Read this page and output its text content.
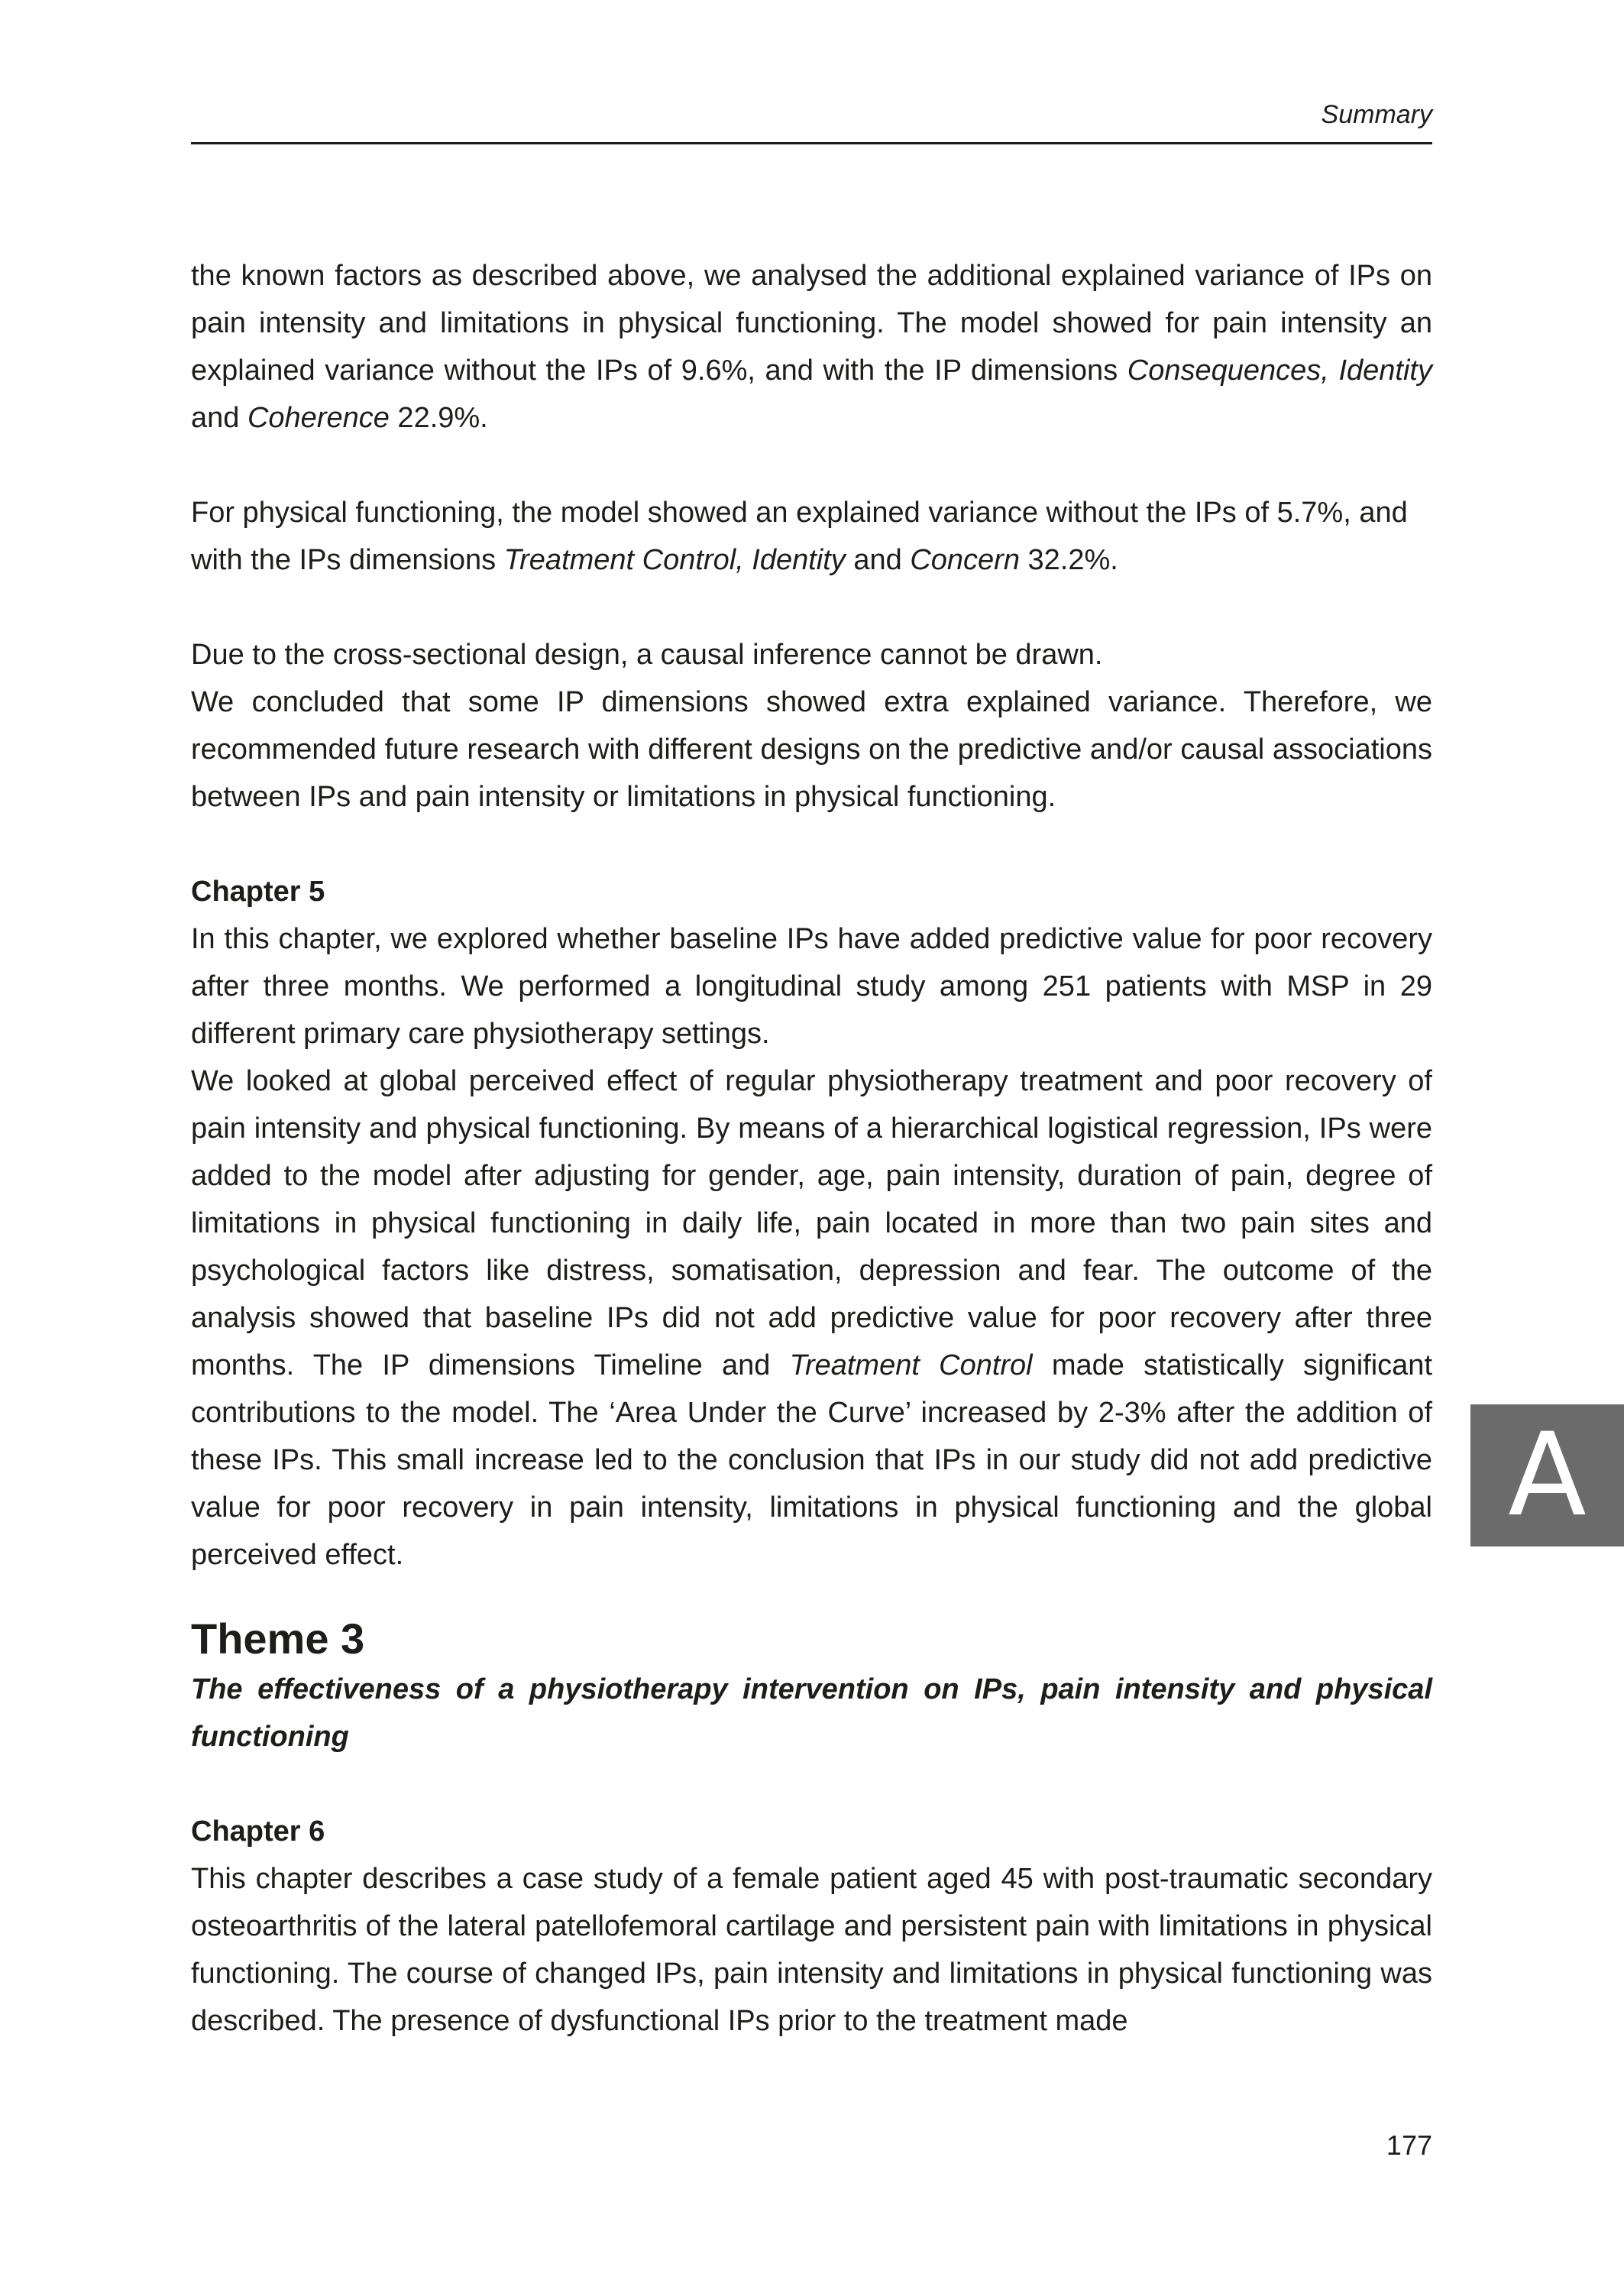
Summary

the known factors as described above, we analysed the additional explained variance of IPs on pain intensity and limitations in physical functioning. The model showed for pain intensity an explained variance without the IPs of 9.6%, and with the IP dimensions Consequences, Identity and Coherence 22.9%.

For physical functioning, the model showed an explained variance without the IPs of 5.7%, and with the IPs dimensions Treatment Control, Identity and Concern 32.2%.

Due to the cross-sectional design, a causal inference cannot be drawn.

We concluded that some IP dimensions showed extra explained variance. Therefore, we recommended future research with different designs on the predictive and/or causal associations between IPs and pain intensity or limitations in physical functioning.

Chapter 5

In this chapter, we explored whether baseline IPs have added predictive value for poor recovery after three months. We performed a longitudinal study among 251 patients with MSP in 29 different primary care physiotherapy settings.

We looked at global perceived effect of regular physiotherapy treatment and poor recovery of pain intensity and physical functioning. By means of a hierarchical logistical regression, IPs were added to the model after adjusting for gender, age, pain intensity, duration of pain, degree of limitations in physical functioning in daily life, pain located in more than two pain sites and psychological factors like distress, somatisation, depression and fear. The outcome of the analysis showed that baseline IPs did not add predictive value for poor recovery after three months. The IP dimensions Timeline and Treatment Control made statistically significant contributions to the model. The ‘Area Under the Curve’ increased by 2-3% after the addition of these IPs. This small increase led to the conclusion that IPs in our study did not add predictive value for poor recovery in pain intensity, limitations in physical functioning and the global perceived effect.

Theme 3

The effectiveness of a physiotherapy intervention on IPs, pain intensity and physical functioning

Chapter 6

This chapter describes a case study of a female patient aged 45 with post-traumatic secondary osteoarthritis of the lateral patellofemoral cartilage and persistent pain with limitations in physical functioning. The course of changed IPs, pain intensity and limitations in physical functioning was described. The presence of dysfunctional IPs prior to the treatment made

A
177
